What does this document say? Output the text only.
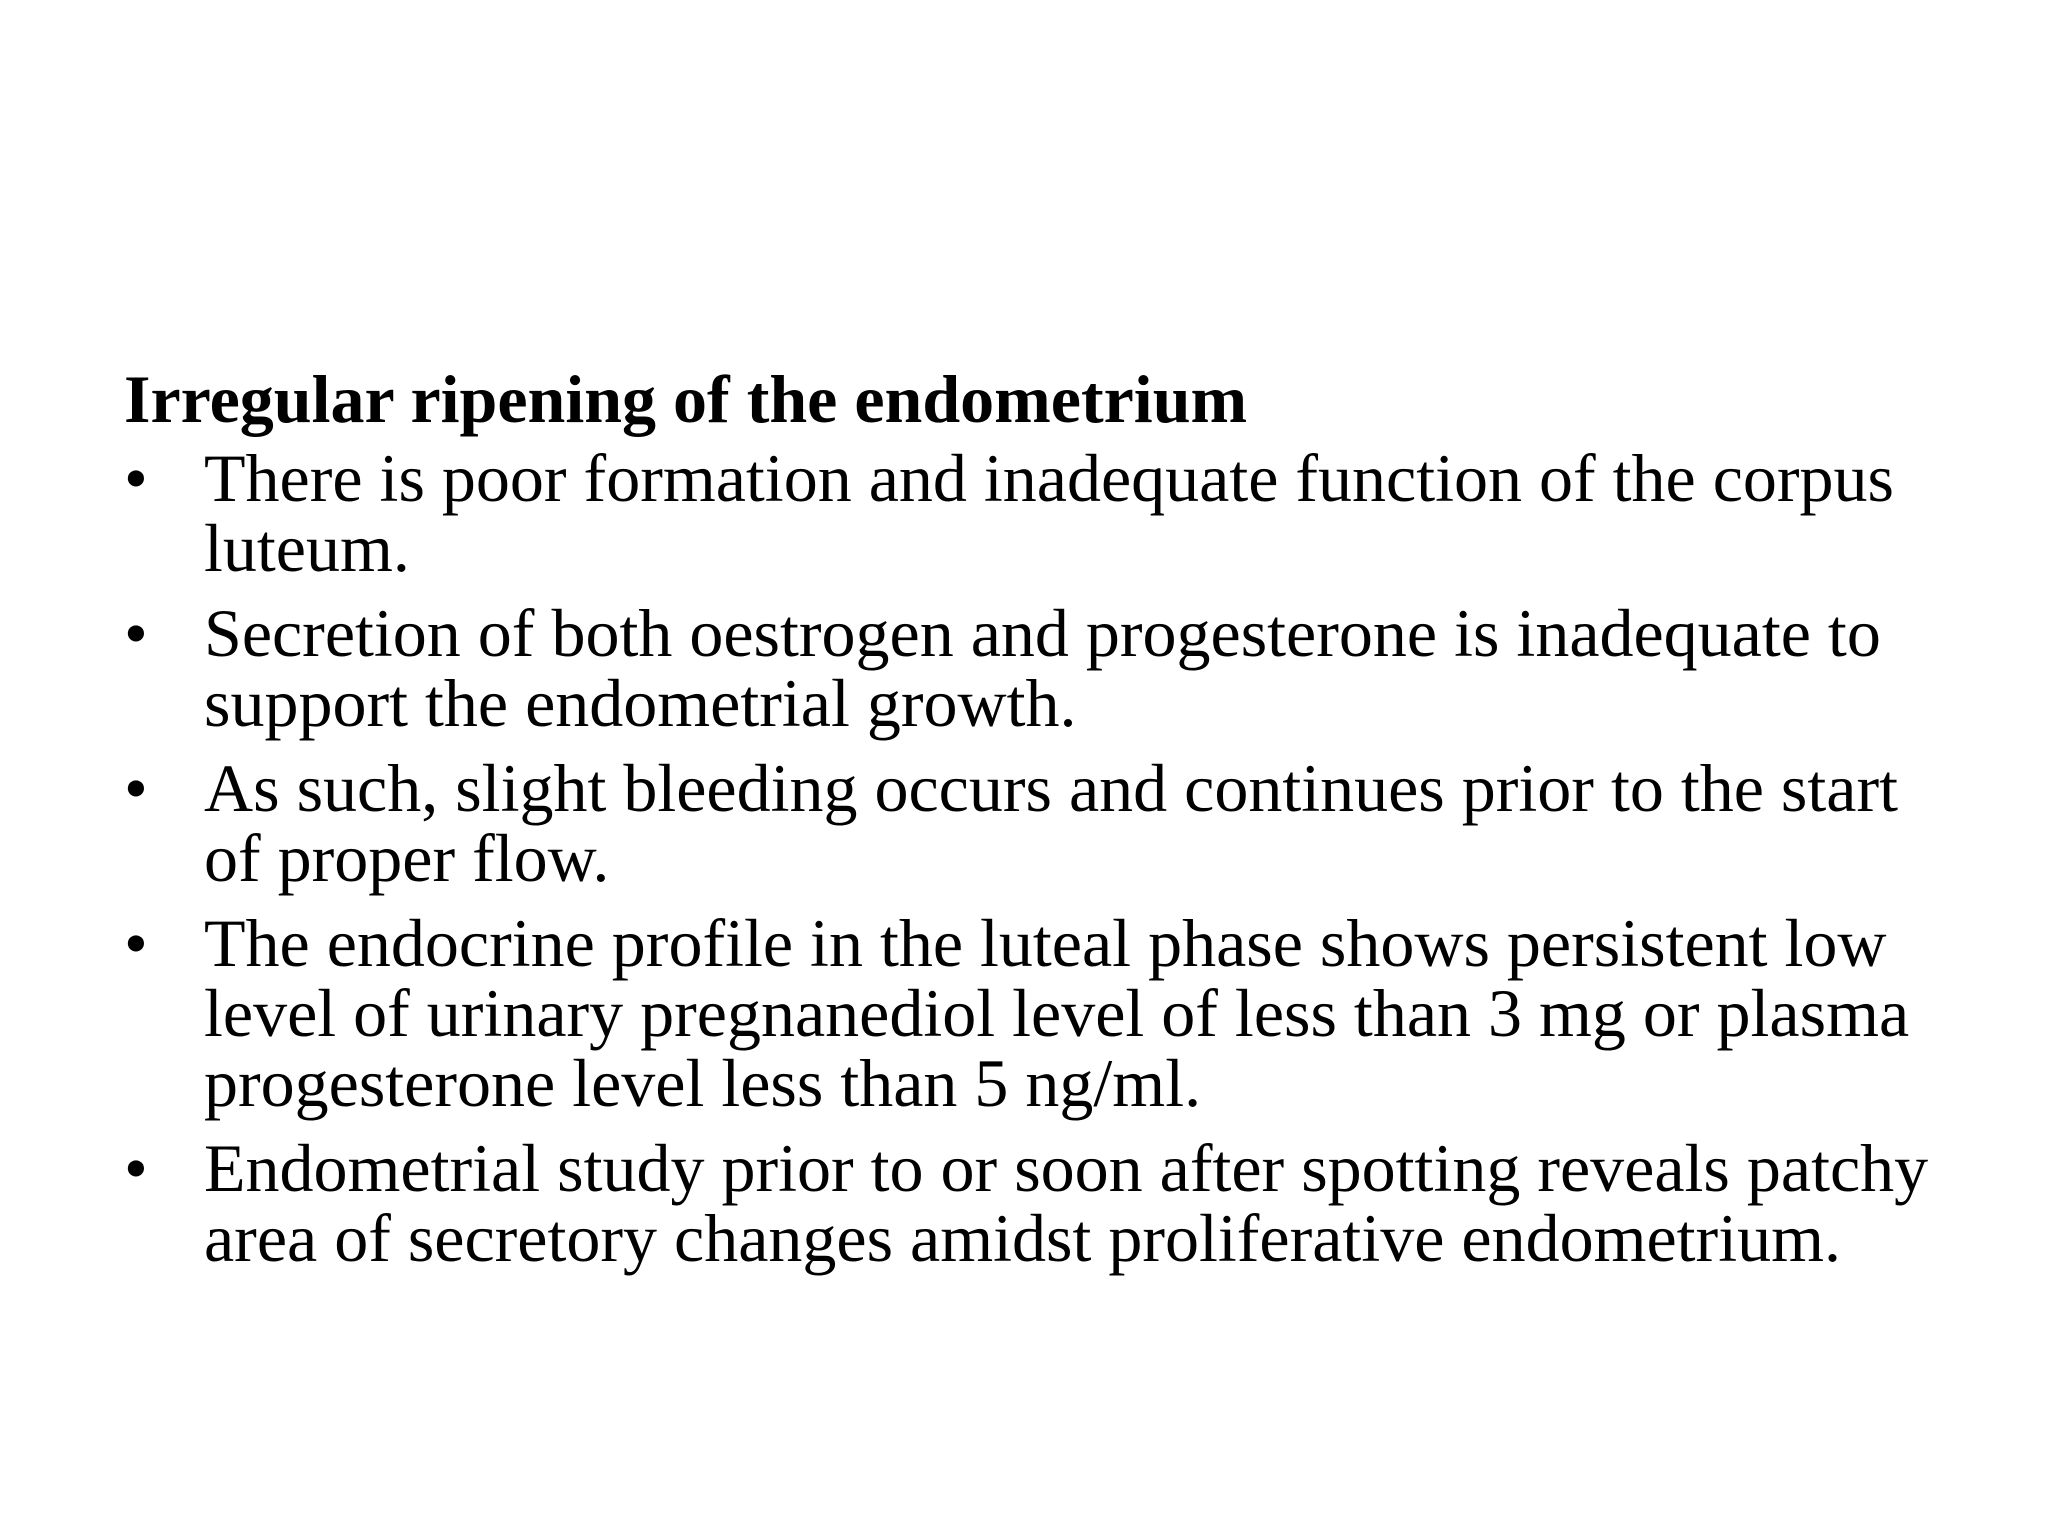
Irregular ripening of the endometrium

• There is poor formation and inadequate function of the corpus luteum.
• Secretion of both oestrogen and progesterone is inadequate to support the endometrial growth.
• As such, slight bleeding occurs and continues prior to the start of proper flow.
• The endocrine profile in the luteal phase shows persistent low level of urinary pregnanediol level of less than 3 mg or plasma progesterone level less than 5 ng/ml.
• Endometrial study prior to or soon after spotting reveals patchy area of secretory changes amidst proliferative endometrium.
